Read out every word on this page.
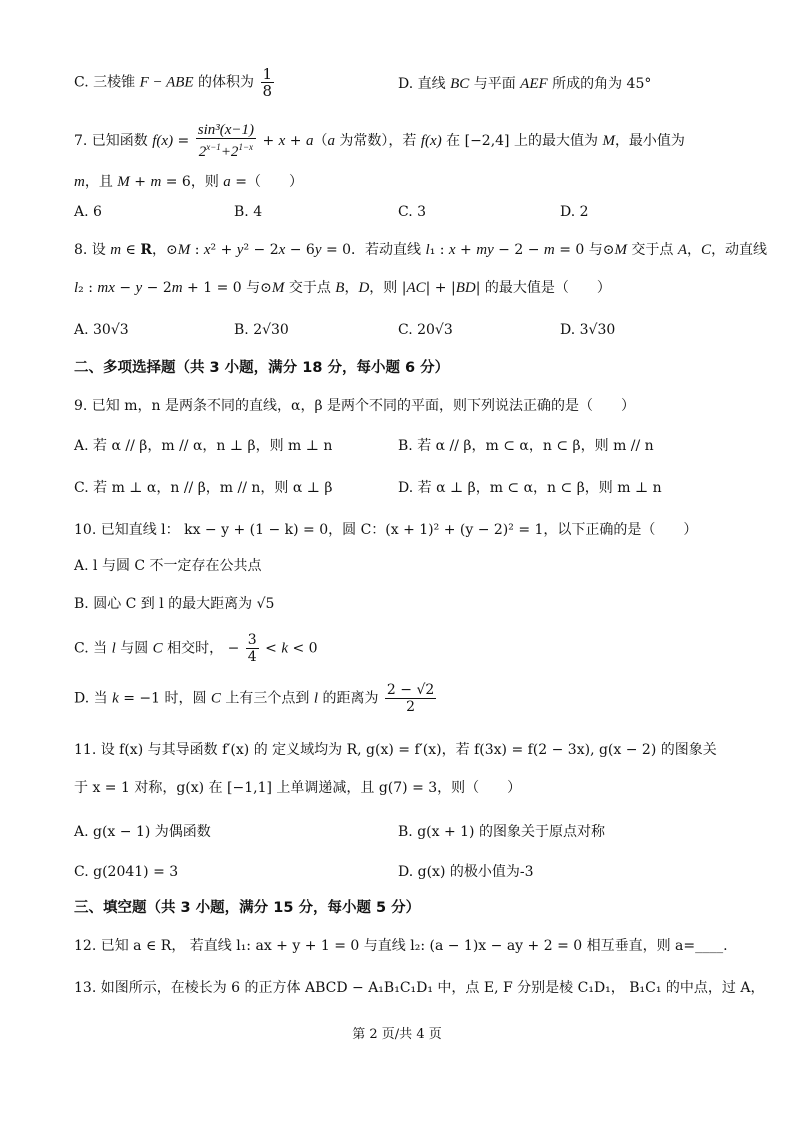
C. 三棱锥 F − ABE 的体积为 $\frac{1}{8}$	D. 直线 BC 与平面 AEF 所成的角为 45°
7. 已知函数 $f(x) = \frac{\text{sin³(x−1)}}{2^{x-1}+2^{1-x}} + x + a(a$ 为常数），若 f(x) 在 [−2,4] 上的最大值为 M，最小值为
m，且 M + m = 6，则 a =（　　）
A. 6	B. 4	C. 3	D. 2
8. 设 m ∈ R，⊙M : x² + y² − 2x − 6y = 0．若动直线 l₁ : x + my − 2 − m = 0 与⊙M 交于点 A，C，动直线
l₂ : mx − y − 2m + 1 = 0 与⊙M 交于点 B，D，则 |AC| + |BD| 的最大值是（　　）
A. 30√3	B. 2√30	C. 20√3	D. 3√30
二、多项选择题（共 3 小题，满分 18 分，每小题 6 分）
9. 已知 m，n 是两条不同的直线，α，β 是两个不同的平面，则下列说法正确的是（　　）
A. 若 α // β，m // α，n ⊥ β，则 m ⊥ n	B. 若 α // β，m ⊂ α，n ⊂ β，则 m // n
C. 若 m ⊥ α，n // β，m // n，则 α ⊥ β	D. 若 α ⊥ β，m ⊂ α，n ⊂ β，则 m ⊥ n
10. 已知直线 l： kx − y + (1 − k) = 0，圆 C：(x + 1)² + (y − 2)² = 1，以下正确的是（　　）
A. l 与圆 C 不一定存在公共点
B. 圆心 C 到 l 的最大距离为 √5
C. 当 l 与圆 C 相交时， − $\frac{3}{4} < k < 0$
D. 当 k = −1 时，圆 C 上有三个点到 l 的距离为 $\frac{2 - √2}{2}$
11. 设 f(x) 与其导函数 f′(x) 的 定义域均为 R, g(x) = f′(x)，若 f(3x) = f(2 − 3x), g(x − 2) 的图象关
于 x = 1 对称，g(x) 在 [−1,1] 上单调递减，且 g(7) = 3，则（　　）
A. g(x − 1) 为偶函数	B. g(x + 1) 的图象关于原点对称
C. g(2041) = 3	D. g(x) 的极小值为-3
三、填空题（共 3 小题，满分 15 分，每小题 5 分）
12. 已知 a ∈ R， 若直线 l₁: ax + y + 1 = 0 与直线 l₂: (a − 1)x − ay + 2 = 0 相互垂直，则 a=____.
13. 如图所示，在棱长为 6 的正方体 ABCD − A₁B₁C₁D₁ 中，点 E, F 分别是棱 C₁D₁， B₁C₁ 的中点，过 A，
第 2 页/共 4 页
